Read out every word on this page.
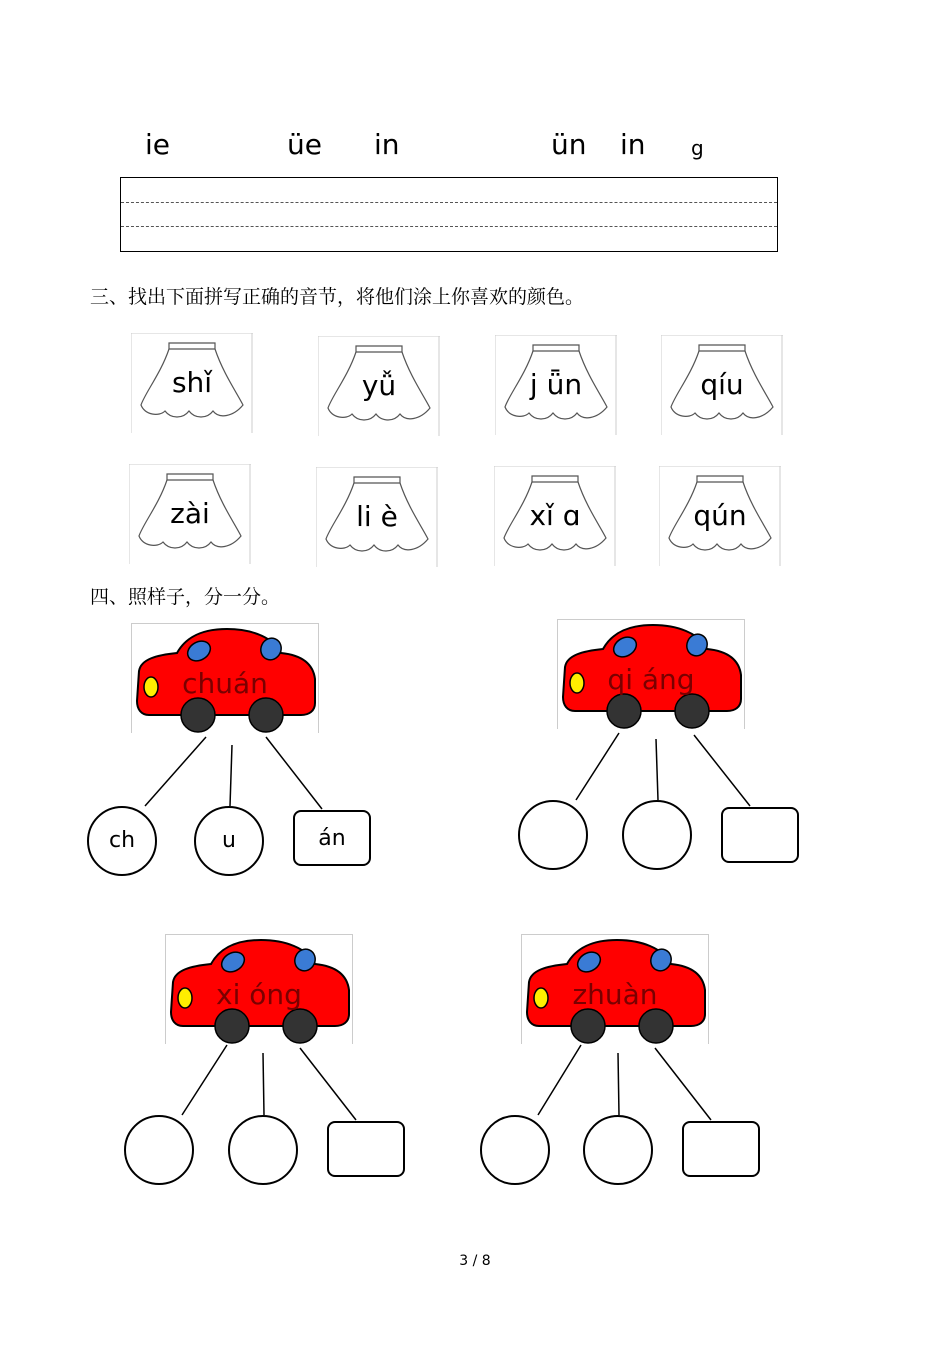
ie	üe in	ün in g
三、找出下面拼写正确的音节，将他们涂上你喜欢的颜色。
shǐ	yǚ	j ǖn	qíu
zài	li è	xǐ ɑ	qún
四、照样子，分一分。
chuán
ch	u	án
qi áng
xi óng	zhuàn
3 / 8
